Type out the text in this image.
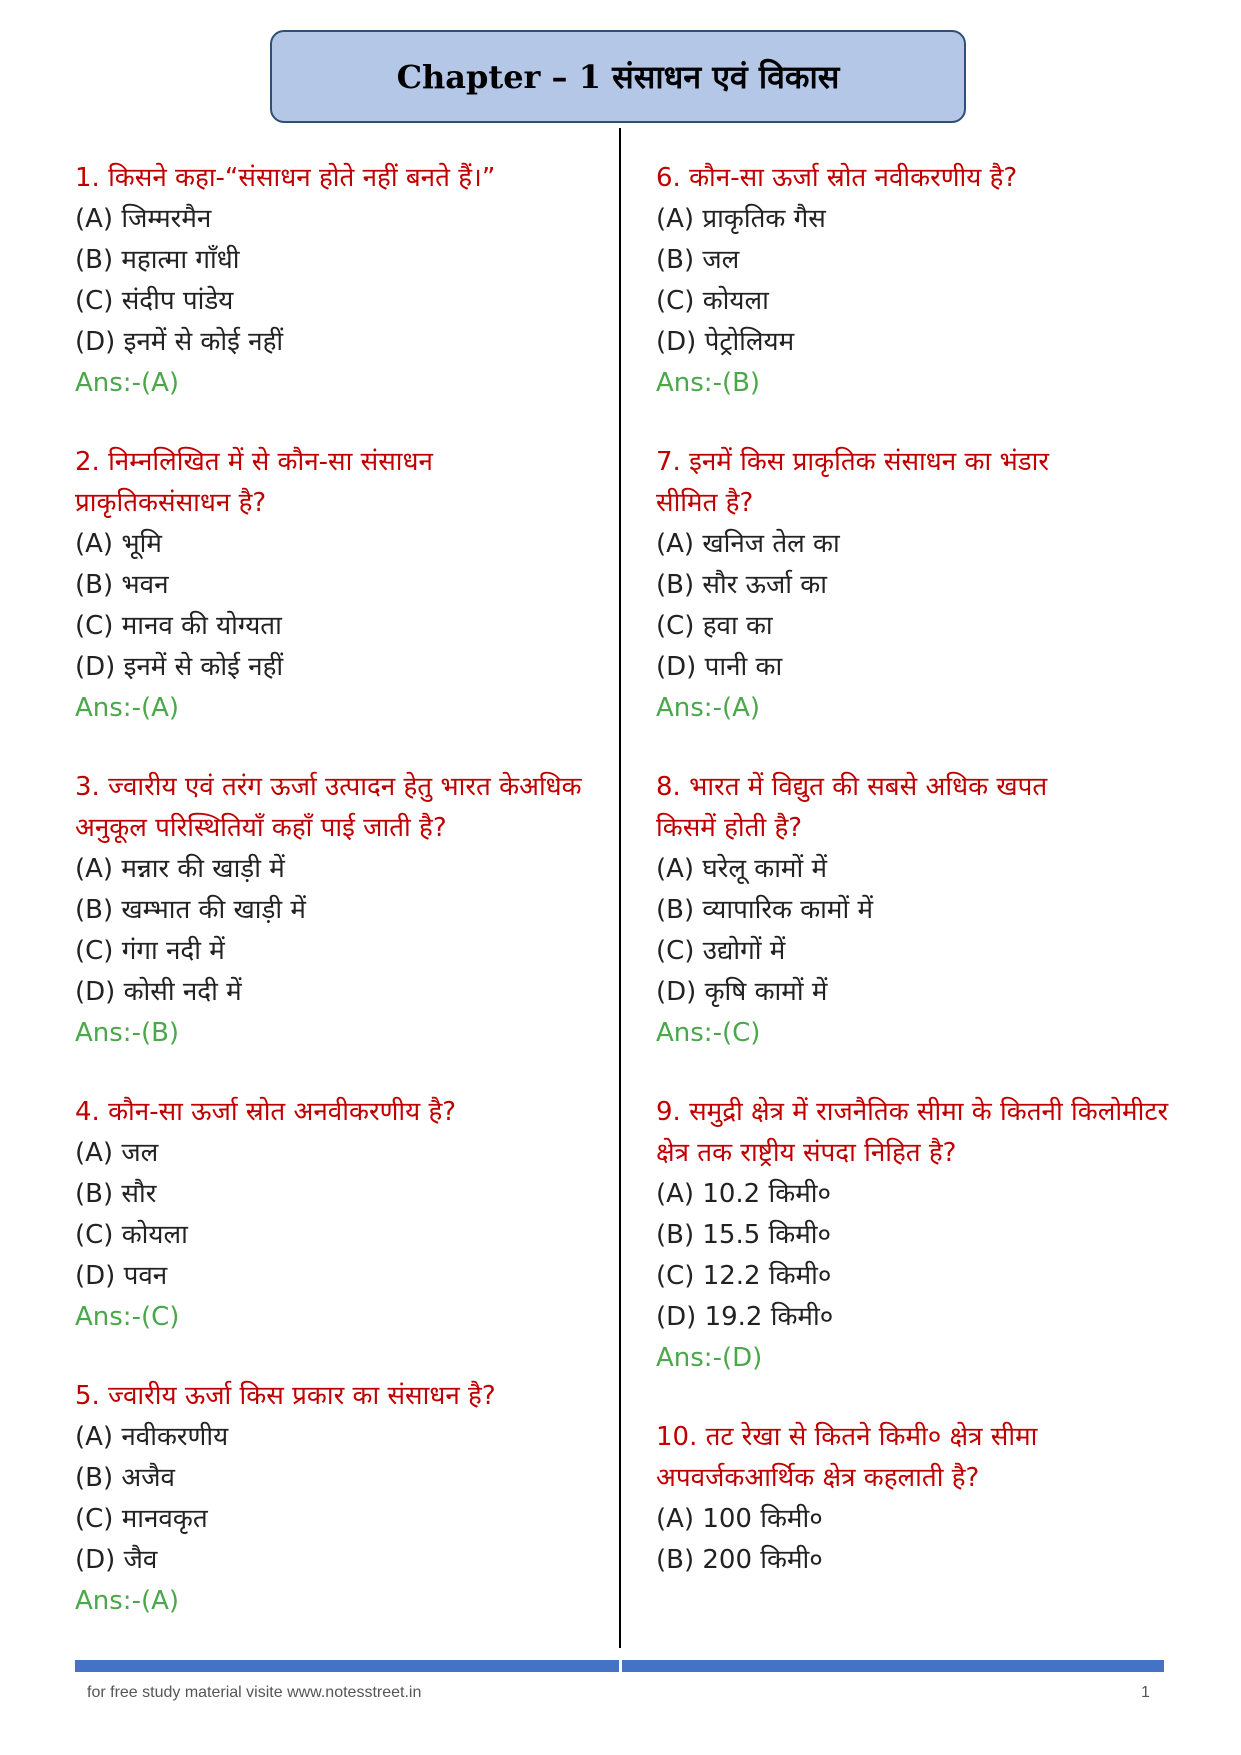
Chapter – 1 संसाधन एवं विकास
1. किसने कहा-“संसाधन होते नहीं बनते हैं।”
(A) जिम्मरमैन
(B) महात्मा गाँधी
(C) संदीप पांडेय
(D) इनमें से कोई नहीं
Ans:-(A)
2. निम्नलिखित में से कौन-सा संसाधन प्राकृतिकसंसाधन है?
(A) भूमि
(B) भवन
(C) मानव की योग्यता
(D) इनमें से कोई नहीं
Ans:-(A)
3. ज्वारीय एवं तरंग ऊर्जा उत्पादन हेतु भारत केअधिक अनुकूल परिस्थितियाँ कहाँ पाई जाती है?
(A) मन्नार की खाड़ी में
(B) खम्भात की खाड़ी में
(C) गंगा नदी में
(D) कोसी नदी में
Ans:-(B)
4. कौन-सा ऊर्जा स्रोत अनवीकरणीय है?
(A) जल
(B) सौर
(C) कोयला
(D) पवन
Ans:-(C)
5. ज्वारीय ऊर्जा किस प्रकार का संसाधन है?
(A) नवीकरणीय
(B) अजैव
(C) मानवकृत
(D) जैव
Ans:-(A)
6. कौन-सा ऊर्जा स्रोत नवीकरणीय है?
(A) प्राकृतिक गैस
(B) जल
(C) कोयला
(D) पेट्रोलियम
Ans:-(B)
7. इनमें किस प्राकृतिक संसाधन का भंडार सीमित है?
(A) खनिज तेल का
(B) सौर ऊर्जा का
(C) हवा का
(D) पानी का
Ans:-(A)
8. भारत में विद्युत की सबसे अधिक खपत किसमें होती है?
(A) घरेलू कामों में
(B) व्यापारिक कामों में
(C) उद्योगों में
(D) कृषि कामों में
Ans:-(C)
9. समुद्री क्षेत्र में राजनैतिक सीमा के कितनी किलोमीटर क्षेत्र तक राष्ट्रीय संपदा निहित है?
(A) 10.2 किमी०
(B) 15.5 किमी०
(C) 12.2 किमी०
(D) 19.2 किमी०
Ans:-(D)
10. तट रेखा से कितने किमी० क्षेत्र सीमा अपवर्जकआर्थिक क्षेत्र कहलाती है?
(A) 100 किमी०
(B) 200 किमी०
for free study material visite www.notesstreet.in	1
